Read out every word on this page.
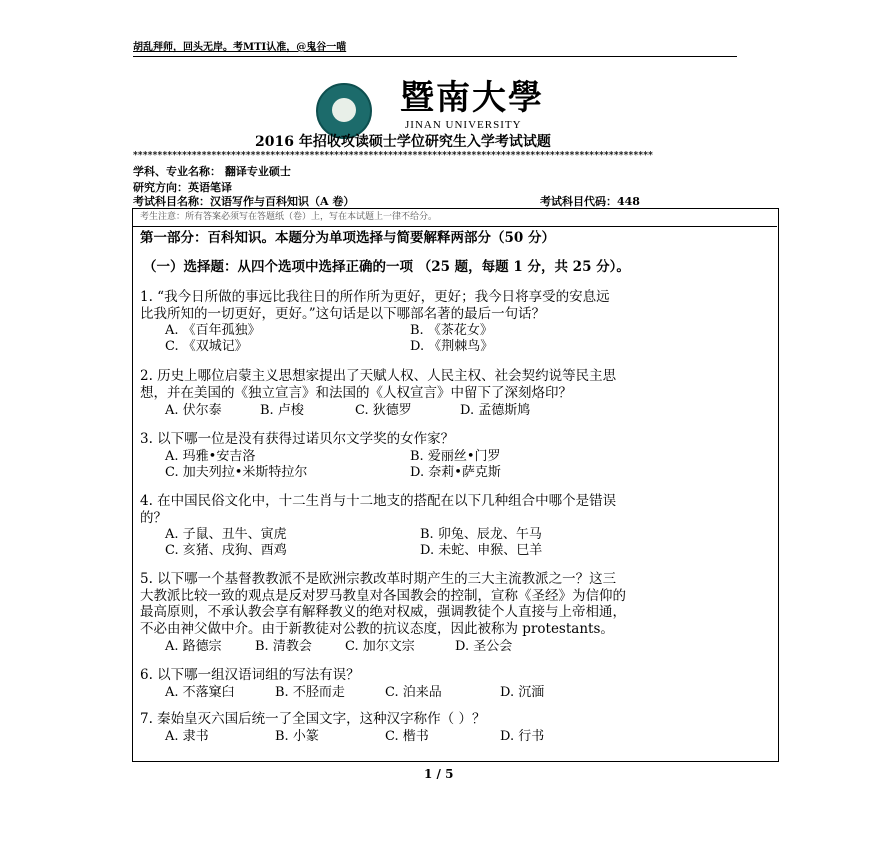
胡乱拜师，回头无岸。考MTI认准，@鬼谷一喵
暨南大學
JINAN UNIVERSITY
2016 年招收攻读硕士学位研究生入学考试试题
**********************************************************************************************************
学科、专业名称： 翻译专业硕士
研究方向：英语笔译
考试科目名称：汉语写作与百科知识（A 卷）	考试科目代码：448
考生注意：所有答案必须写在答题纸（卷）上，写在本试题上一律不给分。
第一部分：百科知识。本题分为单项选择与简要解释两部分（50 分）
（一）选择题：从四个选项中选择正确的一项 （25 题，每题 1 分，共 25 分）。
1. “我今日所做的事远比我往日的所作所为更好，更好；我今日将享受的安息远
比我所知的一切更好，更好。”这句话是以下哪部名著的最后一句话？
A. 《百年孤独》	B. 《茶花女》
C. 《双城记》	D. 《荆棘鸟》
2. 历史上哪位启蒙主义思想家提出了天赋人权、人民主权、社会契约说等民主思
想，并在美国的《独立宣言》和法国的《人权宣言》中留下了深刻烙印？
A. 伏尔泰	B. 卢梭	C. 狄德罗	D. 孟德斯鸠
3. 以下哪一位是没有获得过诺贝尔文学奖的女作家？
A. 玛雅•安吉洛	B. 爱丽丝•门罗
C. 加夫列拉•米斯特拉尔	D. 奈莉•萨克斯
4. 在中国民俗文化中，十二生肖与十二地支的搭配在以下几种组合中哪个是错误
的？
A. 子鼠、丑牛、寅虎	B. 卯兔、辰龙、午马
C. 亥猪、戌狗、酉鸡	D. 未蛇、申猴、巳羊
5. 以下哪一个基督教教派不是欧洲宗教改革时期产生的三大主流教派之一？这三
大教派比较一致的观点是反对罗马教皇对各国教会的控制，宣称《圣经》为信仰的
最高原则，不承认教会享有解释教义的绝对权威，强调教徒个人直接与上帝相通，
不必由神父做中介。由于新教徒对公教的抗议态度，因此被称为 protestants。
A. 路德宗	B. 清教会	C. 加尔文宗	D. 圣公会
6. 以下哪一组汉语词组的写法有误？
A. 不落窠臼	B. 不胫而走	C. 泊来品	D. 沉湎
7. 秦始皇灭六国后统一了全国文字，这种汉字称作（ ）？
A. 隶书	B. 小篆	C. 楷书	D. 行书
1 / 5
